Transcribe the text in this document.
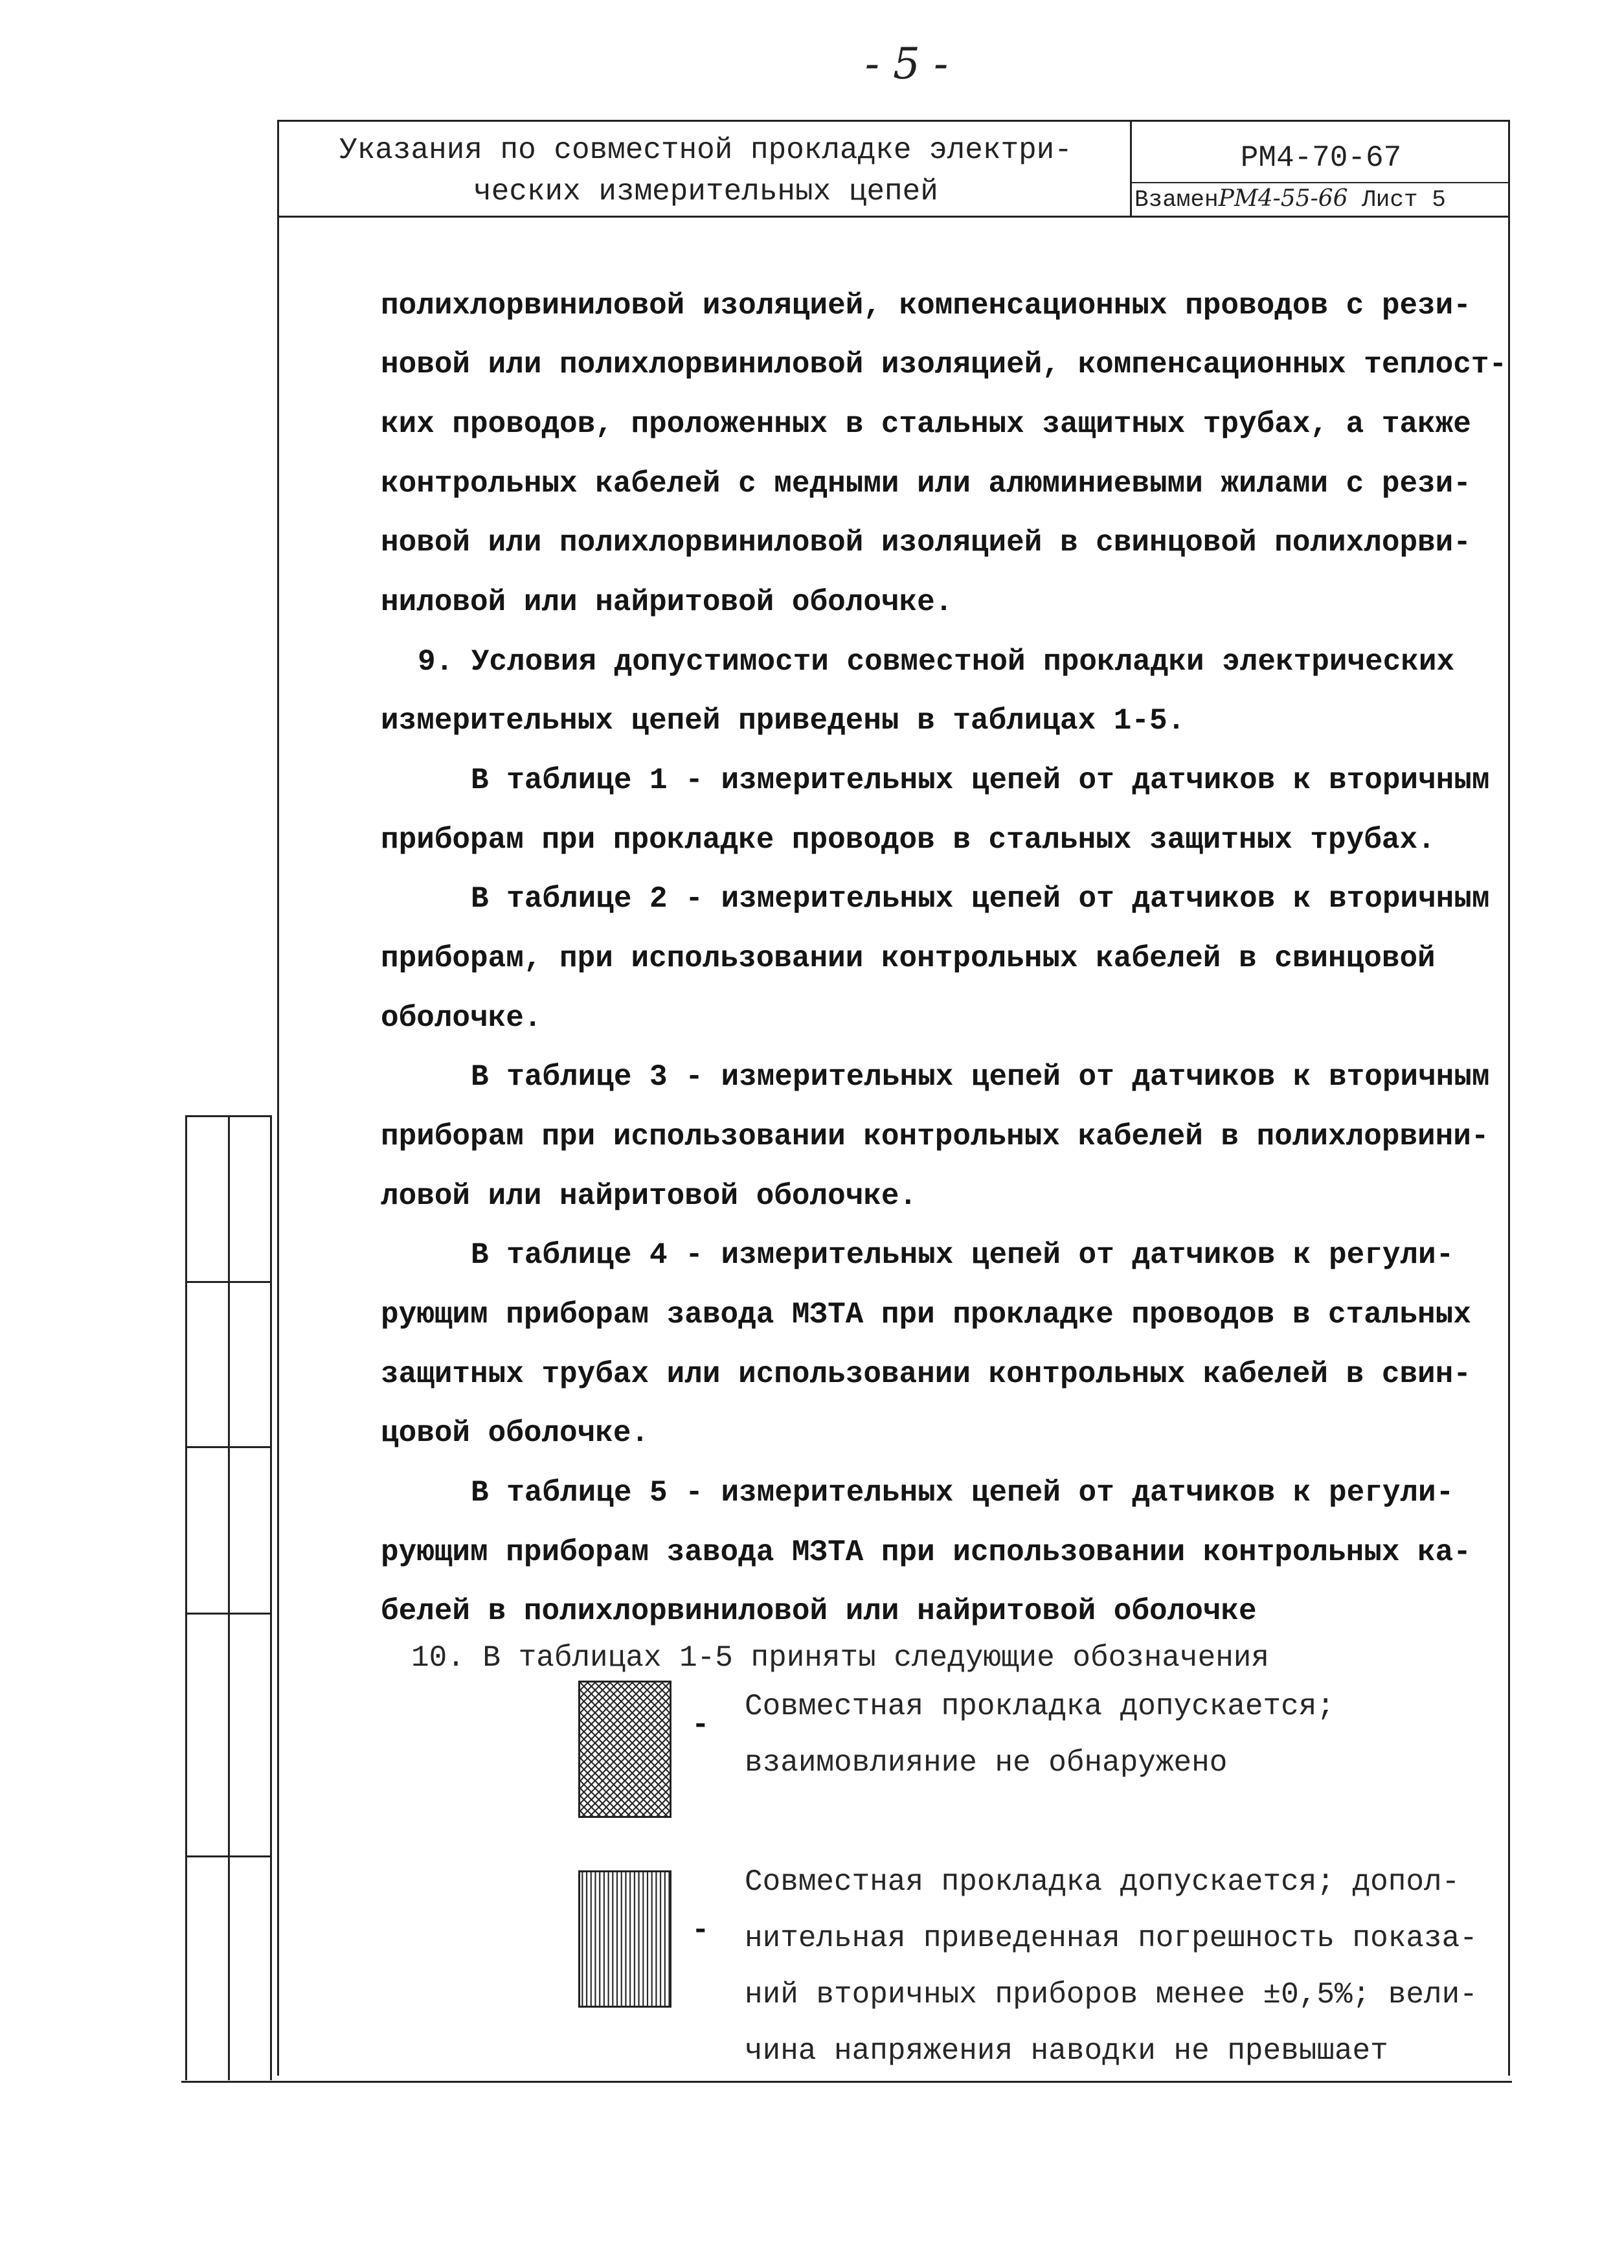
- 5 -
Указания по совместной прокладке электри-
ческих измерительных цепей
РМ4-70-67
ВзаменРМ4-55-66 Лист 5
полихлорвиниловой изоляцией, компенсационных проводов с рези-
новой или полихлорвиниловой изоляцией, компенсационных теплост-
ких проводов, проложенных в стальных защитных трубах, а также
контрольных кабелей с медными или алюминиевыми жилами с рези-
новой или полихлорвиниловой изоляцией в свинцовой полихлорви-
ниловой или найритовой оболочке.
9. Условия допустимости совместной прокладки электрических
измерительных цепей приведены в таблицах 1-5.
В таблице 1 - измерительных цепей от датчиков к вторичным
приборам при прокладке проводов в стальных защитных трубах.
В таблице 2 - измерительных цепей от датчиков к вторичным
приборам, при использовании контрольных кабелей в свинцовой
оболочке.
В таблице 3 - измерительных цепей от датчиков к вторичным
приборам при использовании контрольных кабелей в полихлорвини-
ловой или найритовой оболочке.
В таблице 4 - измерительных цепей от датчиков к регули-
рующим приборам завода МЗТА при прокладке проводов в стальных
защитных трубах или использовании контрольных кабелей в свин-
цовой оболочке.
В таблице 5 - измерительных цепей от датчиков к регули-
рующим приборам завода МЗТА при использовании контрольных ка-
белей в полихлорвиниловой или найритовой оболочке
10. В таблицах 1-5 приняты следующие обозначения
-
Совместная прокладка допускается;
взаимовлияние не обнаружено
-
Совместная прокладка допускается; допол-
нительная приведенная погрешность показа-
ний вторичных приборов менее ±0,5%; вели-
чина напряжения наводки не превышает
